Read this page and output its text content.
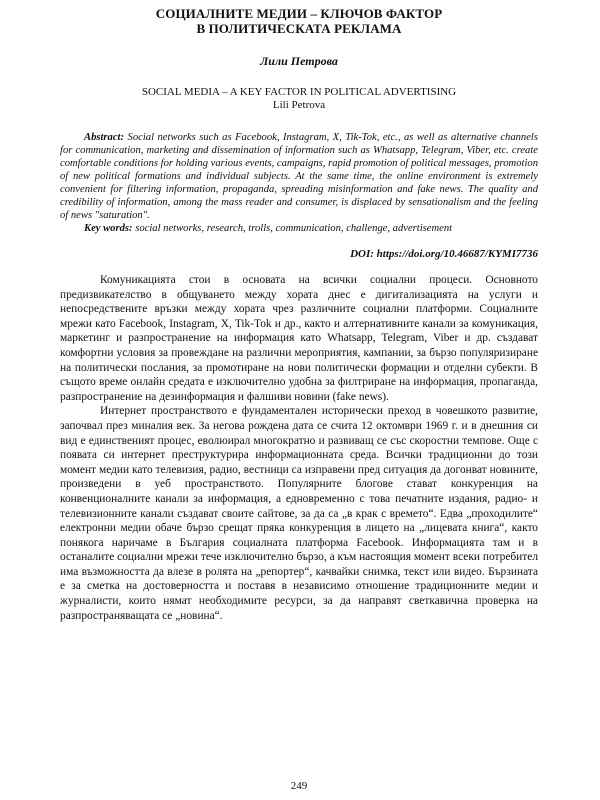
СОЦИАЛНИТЕ МЕДИИ – КЛЮЧОВ ФАКТОР
В ПОЛИТИЧЕСКАТА РЕКЛАМА
Лили Петрова
SOCIAL MEDIA – A KEY FACTOR IN POLITICAL ADVERTISING
Lili Petrova

Abstract: Social networks such as Facebook, Instagram, X, Tik-Tok, etc., as well as alternative channels for communication, marketing and dissemination of information such as Whatsapp, Telegram, Viber, etc. create comfortable conditions for holding various events, campaigns, rapid promotion of political messages, promotion of new political formations and individual subjects. At the same time, the online environment is extremely convenient for filtering information, propaganda, spreading misinformation and fake news. The quality and credibility of information, among the mass reader and consumer, is displaced by sensationalism and the feeling of news "saturation".

Key words: social networks, research, trolls, communication, challenge, advertisement

DOI: https://doi.org/10.46687/KYMI7736

Комуникацията стои в основата на всички социални процеси. Основното предизвикателство в общуването между хората днес е дигитализацията на услуги и непосредствените връзки между хората чрез различните социални платформи. Социалните мрежи като Facebook, Instagram, X, Tik-Tok и др., както и алтернативните канали за комуникация, маркетинг и разпространение на информация като Whatsapp, Telegram, Viber и др. създават комфортни условия за провеждане на различни мероприятия, кампании, за бързо популяризиране на политически послания, за промотиране на нови политически формации и отделни субекти. В същото време онлайн средата е изключително удобна за филтриране на информация, пропаганда, разпространение на дезинформация и фалшиви новини (fake news).

Интернет пространството е фундаментален исторически преход в човешкото развитие, започвал през миналия век. За негова рождена дата се счита 12 октомври 1969 г. и в днешния си вид е единственият процес, еволюирал многократно и развиващ се със скоростни темпове. Още с появата си интернет преструктурира информационната среда. Всички традиционни до този момент медии като телевизия, радио, вестници са изправени пред ситуация да догонват новините, произведени в уеб пространството. Популярните блогове стават конкуренция на конвенционалните канали за информация, а едновременно с това печатните издания, радио- и телевизионните канали създават своите сайтове, за да са „в крак с времето“. Едва „проходилите“ електронни медии обаче бързо срещат пряка конкуренция в лицето на „лицевата книга“, както понякога наричаме в България социалната платформа Facebook. Информацията там и в останалите социални мрежи тече изключително бързо, а към настоящия момент всеки потребител има възможността да влезе в ролята на „репортер“, качвайки снимка, текст или видео. Бързината е за сметка на достоверността и поставя в независимо отношение традиционните медии и журналисти, които нямат необходимите ресурси, за да направят светкавична проверка на разпространяващата се „новина“.

249
